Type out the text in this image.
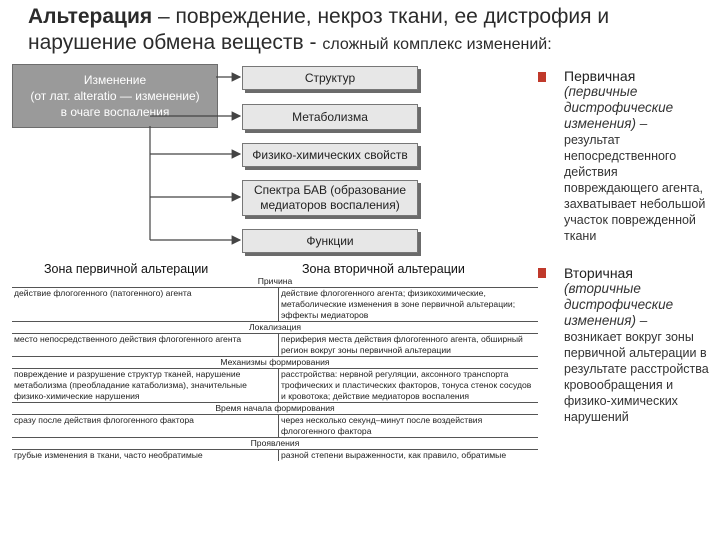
Альтерация – повреждение, некроз ткани, ее дистрофия и нарушение обмена веществ - сложный комплекс изменений:
Изменение
(от лат. alteratio — изменение)
в очаге воспаления
Структур
Метаболизма
Физико-химических свойств
Спектра БАВ (образование медиаторов воспаления)
Функции
Зона первичной альтерации	Зона вторичной альтерации
Причина	
действие флогогенного (патогенного) агента	действие флогогенного агента; физикохимические, метаболические изменения в зоне первичной альтерации; эффекты медиаторов
Локализация	
место непосредственного действия флогогенного агента	периферия места действия флогогенного агента, обширный регион вокруг зоны первичной альтерации
Механизмы формирования	
повреждение и разрушение структур тканей, нарушение метаболизма (преобладание катаболизма), значительные физико-химические нарушения	расстройства: нервной регуляции, аксонного транспорта трофических и пластических факторов, тонуса стенок сосудов и кровотока; действие медиаторов воспаления
Время начала формирования	
сразу после действия флогогенного фактора	через несколько секунд–минут после воздействия флогогенного фактора
Проявления	
грубые изменения в ткани, часто необратимые	разной степени выраженности, как правило, обратимые
Первичная
(первичные дистрофические изменения) –
результат непосредственного действия повреждающего агента, захватывает небольшой участок поврежденной ткани
Вторичная
(вторичные дистрофические изменения) –
возникает вокруг зоны первичной альтерации в результате расстройства кровообращения и физико-химических нарушений
